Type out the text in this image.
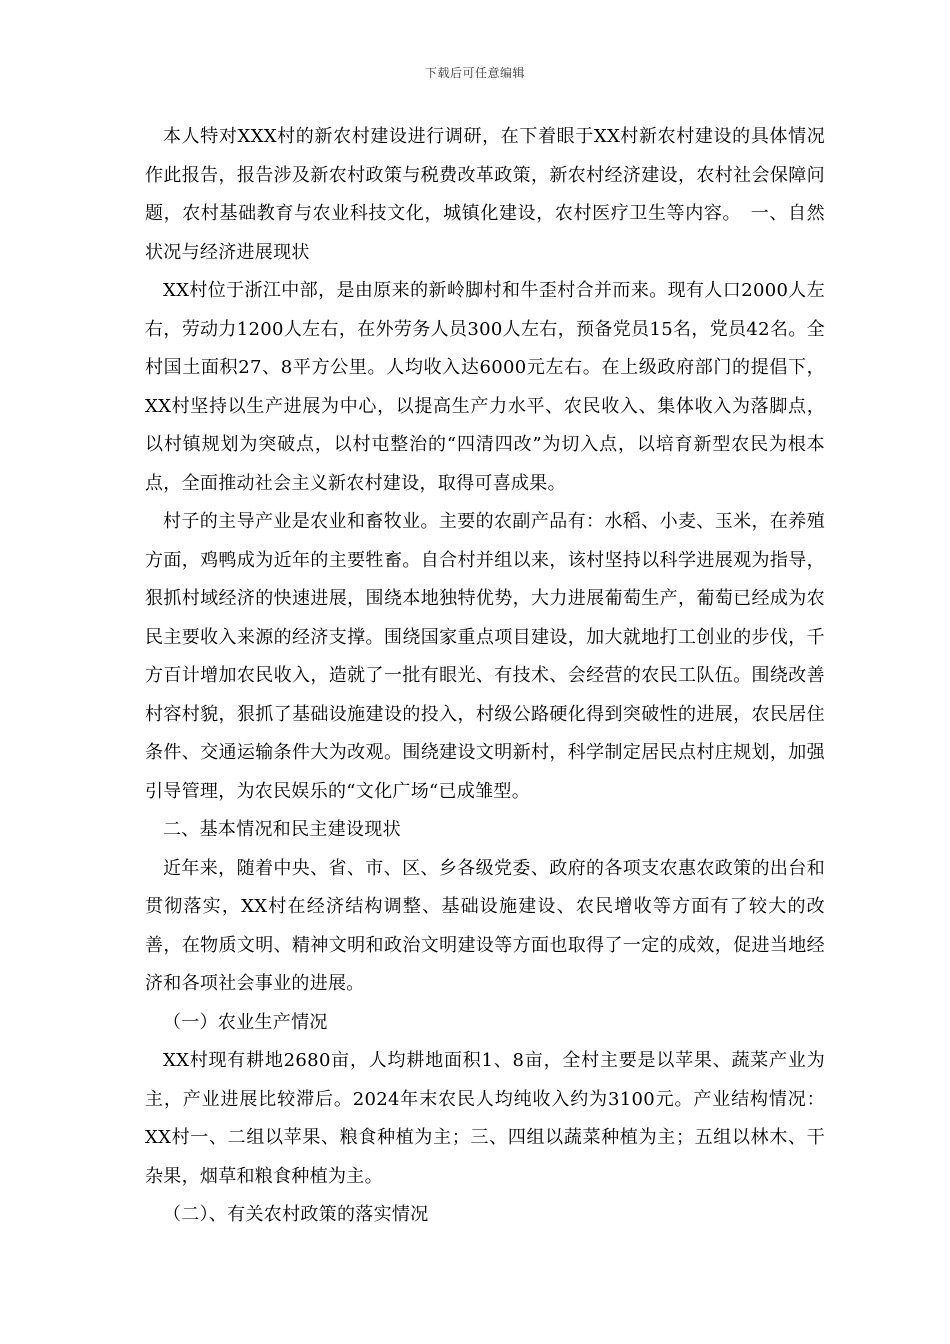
下载后可任意编辑

本人特对XXX村的新农村建设进行调研，在下着眼于XX村新农村建设的具体情况作此报告，报告涉及新农村政策与税费改革政策，新农村经济建设，农村社会保障问题，农村基础教育与农业科技文化，城镇化建设，农村医疗卫生等内容。　一、自然状况与经济进展现状

XX村位于浙江中部，是由原来的新岭脚村和牛歪村合并而来。现有人口2000人左右，劳动力1200人左右，在外劳务人员300人左右，预备党员15名，党员42名。全村国土面积27、8平方公里。人均收入达6000元左右。在上级政府部门的提倡下，XX村坚持以生产进展为中心，以提高生产力水平、农民收入、集体收入为落脚点，以村镇规划为突破点，以村屯整治的“四清四改”为切入点，以培育新型农民为根本点，全面推动社会主义新农村建设，取得可喜成果。

村子的主导产业是农业和畜牧业。主要的农副产品有：水稻、小麦、玉米，在养殖方面，鸡鸭成为近年的主要牲畜。自合村并组以来，该村坚持以科学进展观为指导，狠抓村域经济的快速进展，围绕本地独特优势，大力进展葡萄生产，葡萄已经成为农民主要收入来源的经济支撑。围绕国家重点项目建设，加大就地打工创业的步伐，千方百计增加农民收入，造就了一批有眼光、有技术、会经营的农民工队伍。围绕改善村容村貌，狠抓了基础设施建设的投入，村级公路硬化得到突破性的进展，农民居住条件、交通运输条件大为改观。围绕建设文明新村，科学制定居民点村庄规划，加强引导管理，为农民娱乐的“文化广场“已成雏型。

二、基本情况和民主建设现状

近年来，随着中央、省、市、区、乡各级党委、政府的各项支农惠农政策的出台和贯彻落实，XX村在经济结构调整、基础设施建设、农民增收等方面有了较大的改善，在物质文明、精神文明和政治文明建设等方面也取得了一定的成效，促进当地经济和各项社会事业的进展。

（一）农业生产情况

XX村现有耕地2680亩，人均耕地面积1、8亩，全村主要是以苹果、蔬菜产业为主，产业进展比较滞后。2024年末农民人均纯收入约为3100元。产业结构情况：XX村一、二组以苹果、粮食种植为主；三、四组以蔬菜种植为主；五组以林木、干杂果，烟草和粮食种植为主。

（二）、有关农村政策的落实情况
